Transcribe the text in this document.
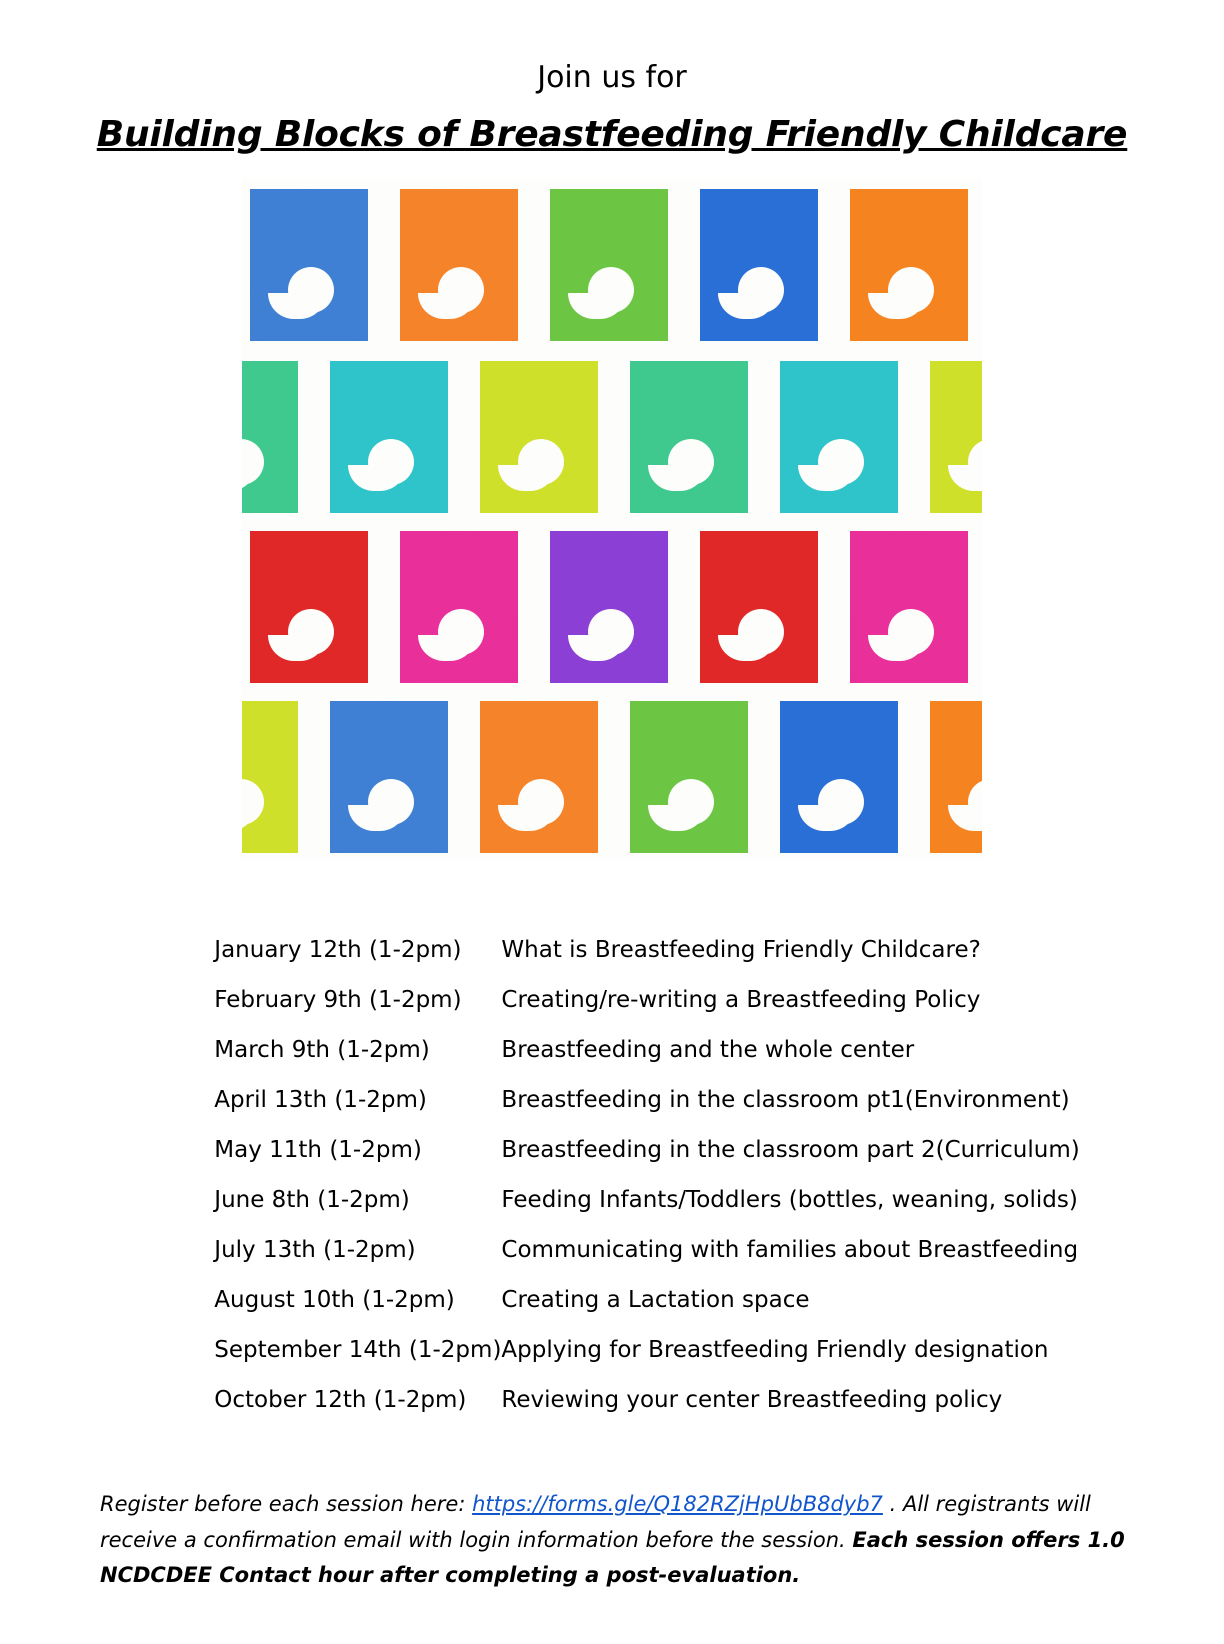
Join us for
Building Blocks of Breastfeeding Friendly Childcare
January 12th (1-2pm)	What is Breastfeeding Friendly Childcare?
February 9th (1-2pm)	Creating/re-writing a Breastfeeding Policy
March 9th (1-2pm)	Breastfeeding and the whole center
April 13th (1-2pm)	Breastfeeding in the classroom pt1(Environment)
May 11th (1-2pm)	Breastfeeding in the classroom part 2(Curriculum)
June 8th (1-2pm)	Feeding Infants/Toddlers (bottles, weaning, solids)
July 13th (1-2pm)	Communicating with families about Breastfeeding
August 10th (1-2pm)	Creating a Lactation space
September 14th (1-2pm)	Applying for Breastfeeding Friendly designation
October 12th (1-2pm)	Reviewing your center Breastfeeding policy
Register before each session here: https://forms.gle/Q182RZjHpUbB8dyb7 . All registrants will receive a confirmation email with login information before the session. Each session offers 1.0 NCDCDEE Contact hour after completing a post-evaluation.
